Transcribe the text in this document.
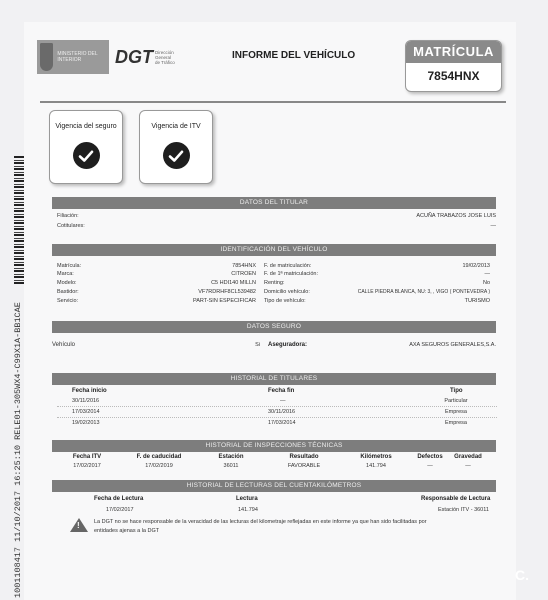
1001108417 11/10/2017 16:25:10 RELE01-305WX4-C99X1A-BB1CAE
MINISTERIO DEL INTERIOR	DGT Dirección General de Tráfico
INFORME DEL VEHÍCULO	MATRÍCULA
7854HNX
Vigencia del seguro	Vigencia de ITV
DATOS DEL TITULAR
Filiación:	ACUÑA TRABAZOS JOSE LUIS
Cotitulares:	—
IDENTIFICACIÓN DEL VEHÍCULO
Matrícula:	7854HNX
Marca:	CITROEN
Modelo:	C5 HDI140 MILLN
Bastidor:	VF7RDRHF8CL539482
Servicio:	PART-SIN ESPECIFICAR
F. de matriculación:	19/02/2013
F. de 1ª matriculación:	—
Renting:	No
Domicilio vehículo:	CALLE PIEDRA BLANCA, NU: 3, , VIGO ( PONTEVEDRA )
Tipo de vehículo:	TURISMO
DATOS SEGURO
Vehículo	Si Aseguradora:	AXA SEGUROS GENERALES,S.A.
HISTORIAL DE TITULARES
Fecha inicio	Fecha fin	Tipo
30/11/2016	—	Particular
17/03/2014	30/11/2016	Empresa
19/02/2013	17/03/2014	Empresa
HISTORIAL DE INSPECCIONES TÉCNICAS
Fecha ITV	F. de caducidad	Estación	Resultado	Kilómetros	Defectos	Gravedad
17/02/2017	17/02/2019	36011	FAVORABLE	141.794	—	—
HISTORIAL DE LECTURAS DEL CUENTAKILÓMETROS
Fecha de Lectura	Lectura	Responsable de Lectura
17/02/2017	141.794	Estación ITV - 36011
!	La DGT no se hace responsable de la veracidad de las lecturas del kilometraje reflejadas en este informe ya que han sido facilitadas por
entidades ajenas a la DGT
C.
